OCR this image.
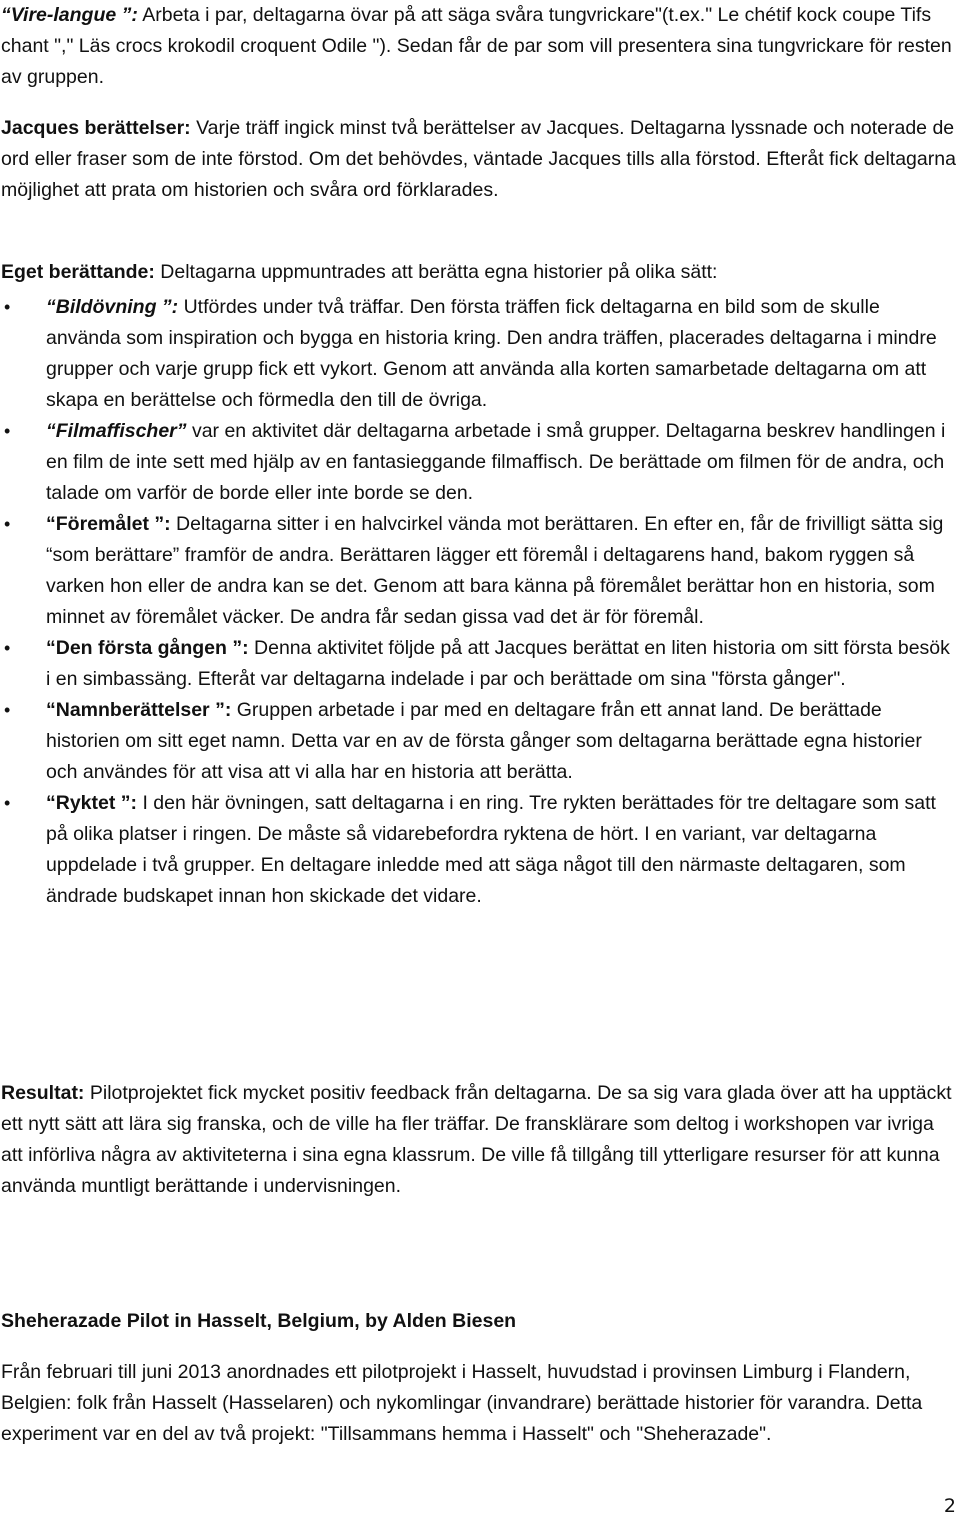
“Vire-langue ”: Arbeta i par, deltagarna övar på att säga svåra tungvrickare"(t.ex." Le chétif kock coupe Tifs chant "," Läs crocs krokodil croquent Odile "). Sedan får de par som vill presentera sina tungvrickare för resten av gruppen.

Jacques berättelser: Varje träff ingick minst två berättelser av Jacques. Deltagarna lyssnade och noterade de ord eller fraser som de inte förstod. Om det behövdes, väntade Jacques tills alla förstod. Efteråt fick deltagarna möjlighet att prata om historien och svåra ord förklarades.

Eget berättande: Deltagarna uppmuntrades att berätta egna historier på olika sätt:

• “Bildövning ”: Utfördes under två träffar. Den första träffen fick deltagarna en bild som de skulle använda som inspiration och bygga en historia kring. Den andra träffen, placerades deltagarna i mindre grupper och varje grupp fick ett vykort. Genom att använda alla korten samarbetade deltagarna om att skapa en berättelse och förmedla den till de övriga.
• “Filmaffischer” var en aktivitet där deltagarna arbetade i små grupper. Deltagarna beskrev handlingen i en film de inte sett med hjälp av en fantasieggande filmaffisch. De berättade om filmen för de andra, och talade om varför de borde eller inte borde se den.
• “Föremålet ”: Deltagarna sitter i en halvcirkel vända mot berättaren. En efter en, får de frivilligt sätta sig “som berättare” framför de andra. Berättaren lägger ett föremål i deltagarens hand, bakom ryggen så varken hon eller de andra kan se det. Genom att bara känna på föremålet berättar hon en historia, som minnet av föremålet väcker. De andra får sedan gissa vad det är för föremål.
• “Den första gången ”: Denna aktivitet följde på att Jacques berättat en liten historia om sitt första besök i en simbassäng. Efteråt var deltagarna indelade i par och berättade om sina "första gånger".
• “Namnberättelser ”: Gruppen arbetade i par med en deltagare från ett annat land. De berättade historien om sitt eget namn. Detta var en av de första gånger som deltagarna berättade egna historier och användes för att visa att vi alla har en historia att berätta.
• “Ryktet ”: I den här övningen, satt deltagarna i en ring. Tre rykten berättades för tre deltagare som satt på olika platser i ringen. De måste så vidarebefordra ryktena de hört. I en variant, var deltagarna uppdelade i två grupper. En deltagare inledde med att säga något till den närmaste deltagaren, som ändrade budskapet innan hon skickade det vidare.

Resultat: Pilotprojektet fick mycket positiv feedback från deltagarna. De sa sig vara glada över att ha upptäckt ett nytt sätt att lära sig franska, och de ville ha fler träffar. De fransklärare som deltog i workshopen var ivriga att införliva några av aktiviteterna i sina egna klassrum. De ville få tillgång till ytterligare resurser för att kunna använda muntligt berättande i undervisningen.

Sheherazade Pilot in Hasselt, Belgium, by Alden Biesen

Från februari till juni 2013 anordnades ett pilotprojekt i Hasselt, huvudstad i provinsen Limburg i Flandern, Belgien: folk från Hasselt (Hasselaren) och nykomlingar (invandrare) berättade historier för varandra. Detta experiment var en del av två projekt: "Tillsammans hemma i Hasselt" och "Sheherazade".

2
